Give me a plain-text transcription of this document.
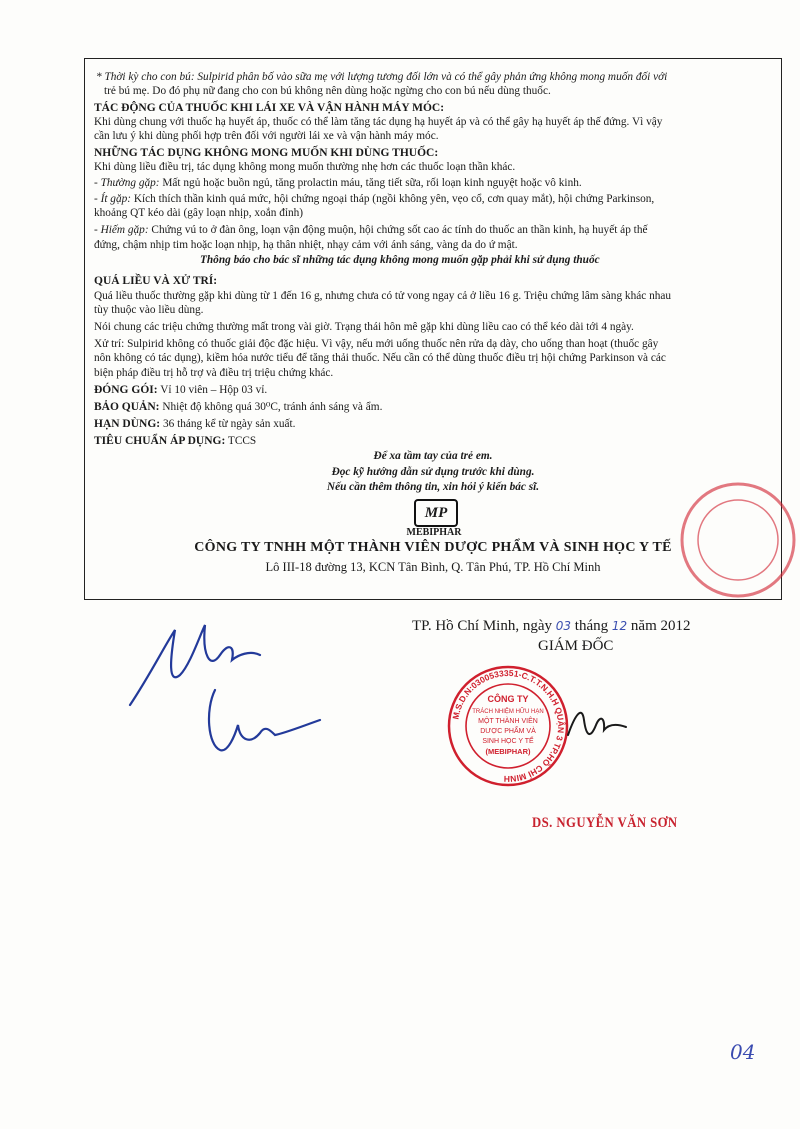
* Thời kỳ cho con bú: Sulpirid phân bố vào sữa mẹ với lượng tương đối lớn và có thể gây phản ứng không mong muốn đối với
trẻ bú mẹ. Do đó phụ nữ đang cho con bú không nên dùng hoặc ngừng cho con bú nếu dùng thuốc.
TÁC ĐỘNG CỦA THUỐC KHI LÁI XE VÀ VẬN HÀNH MÁY MÓC:
Khi dùng chung với thuốc hạ huyết áp, thuốc có thể làm tăng tác dụng hạ huyết áp và có thể gây hạ huyết áp thế đứng. Vì vậy
cần lưu ý khi dùng phối hợp trên đối với người lái xe và vận hành máy móc.
NHỮNG TÁC DỤNG KHÔNG MONG MUỐN KHI DÙNG THUỐC:
Khi dùng liều điều trị, tác dụng không mong muốn thường nhẹ hơn các thuốc loạn thần khác.
- Thường gặp: Mất ngủ hoặc buồn ngủ, tăng prolactin máu, tăng tiết sữa, rối loạn kinh nguyệt hoặc vô kinh.
- Ít gặp: Kích thích thần kinh quá mức, hội chứng ngoại tháp (ngồi không yên, vẹo cổ, cơn quay mắt), hội chứng Parkinson,
khoảng QT kéo dài (gây loạn nhịp, xoắn đỉnh)
- Hiếm gặp: Chứng vú to ở đàn ông, loạn vận động muộn, hội chứng sốt cao ác tính do thuốc an thần kinh, hạ huyết áp thế
đứng, chậm nhịp tim hoặc loạn nhịp, hạ thân nhiệt, nhạy cảm với ánh sáng, vàng da do ứ mật.
Thông báo cho bác sĩ những tác dụng không mong muốn gặp phải khi sử dụng thuốc
QUÁ LIỀU VÀ XỬ TRÍ:
Quá liều thuốc thường gặp khi dùng từ 1 đến 16 g, nhưng chưa có tử vong ngay cả ở liều 16 g. Triệu chứng lâm sàng khác nhau
tùy thuộc vào liều dùng.
Nói chung các triệu chứng thường mất trong vài giờ. Trạng thái hôn mê gặp khi dùng liều cao có thể kéo dài tới 4 ngày.
Xử trí: Sulpirid không có thuốc giải độc đặc hiệu. Vì vậy, nếu mới uống thuốc nên rửa dạ dày, cho uống than hoạt (thuốc gây
nôn không có tác dụng), kiềm hóa nước tiểu để tăng thải thuốc. Nếu cần có thể dùng thuốc điều trị hội chứng Parkinson và các
biện pháp điều trị hỗ trợ và điều trị triệu chứng khác.
ĐÓNG GÓI: Vỉ 10 viên – Hộp 03 vỉ.
BẢO QUẢN: Nhiệt độ không quá 30⁰C, tránh ánh sáng và ẩm.
HẠN DÙNG: 36 tháng kể từ ngày sản xuất.
TIÊU CHUẨN ÁP DỤNG: TCCS
Để xa tầm tay của trẻ em.
Đọc kỹ hướng dẫn sử dụng trước khi dùng.
Nếu cần thêm thông tin, xin hỏi ý kiến bác sĩ.
MP
MEBIPHAR
CÔNG TY TNHH MỘT THÀNH VIÊN DƯỢC PHẨM VÀ SINH HỌC Y TẾ
Lô III-18 đường 13, KCN Tân Bình, Q. Tân Phú, TP. Hồ Chí Minh
TP. Hồ Chí Minh, ngày 03 tháng 12 năm 2012
GIÁM ĐỐC
M.S.D.N:0300533351-C.T.T.N.H.H QUẬN 3 TP.HỒ CHÍ MINH
CÔNG TY
TRÁCH NHIỆM HỮU HẠN
MỘT THÀNH VIÊN
DƯỢC PHẨM VÀ
SINH HỌC Y TẾ
(MEBIPHAR)
DS. NGUYỄN VĂN SƠN
04
